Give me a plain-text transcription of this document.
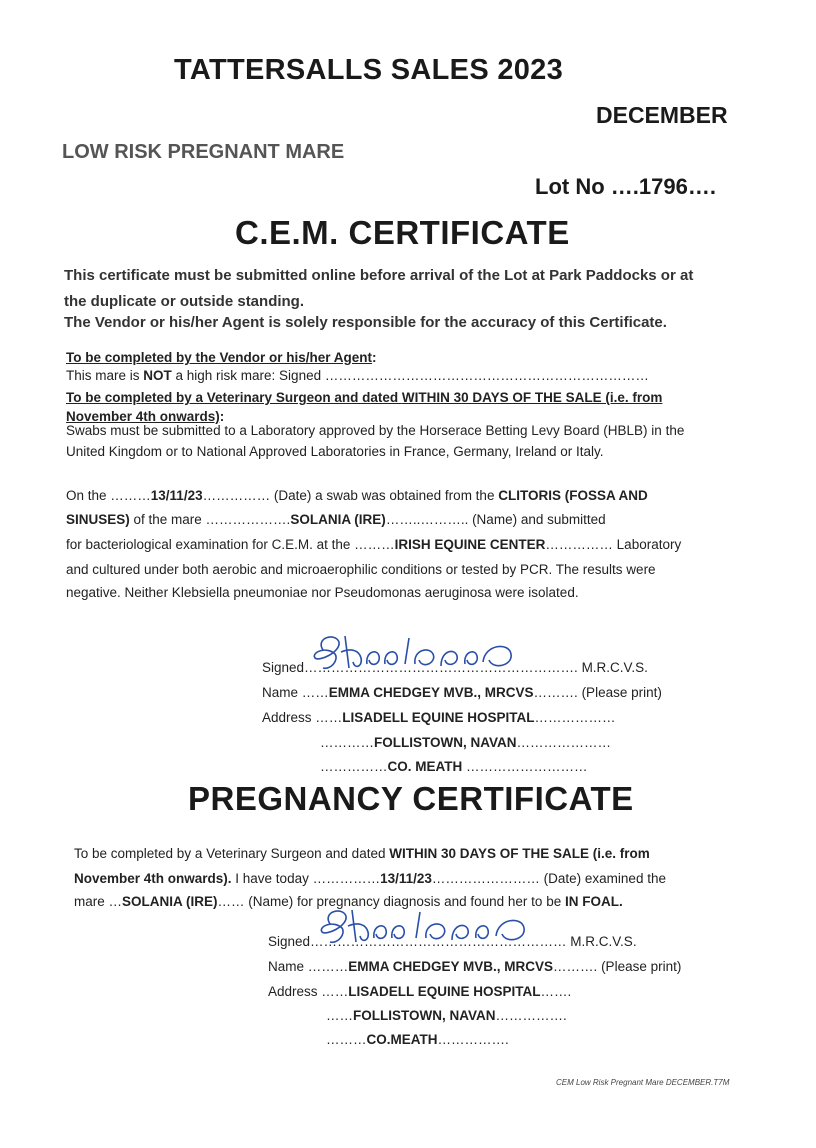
TATTERSALLS SALES 2023
DECEMBER
LOW RISK PREGNANT MARE
Lot No ….1796….
C.E.M. CERTIFICATE
This certificate must be submitted online before arrival of the Lot at Park Paddocks or at
the duplicate or outside standing.
The Vendor or his/her Agent is solely responsible for the accuracy of this Certificate.
To be completed by the Vendor or his/her Agent:
This mare is NOT a high risk mare: Signed ………………………………………………………………
To be completed by a Veterinary Surgeon and dated WITHIN 30 DAYS OF THE SALE (i.e. from
November 4th onwards):
Swabs must be submitted to a Laboratory approved by the Horserace Betting Levy Board (HBLB) in the
United Kingdom or to National Approved Laboratories in France, Germany, Ireland or Italy.
On the ………13/11/23…………… (Date) a swab was obtained from the CLITORIS (FOSSA AND
SINUSES) of the mare ……………….SOLANIA (IRE)……..……….. (Name) and submitted
for bacteriological examination for C.E.M. at the ………IRISH EQUINE CENTER…………… Laboratory
and cultured under both aerobic and microaerophilic conditions or tested by PCR. The results were
negative. Neither Klebsiella pneumoniae nor Pseudomonas aeruginosa were isolated.
Signed……………………………………………………. M.R.C.V.S.
Name ……EMMA CHEDGEY MVB., MRCVS………. (Please print)
Address ……LISADELL EQUINE HOSPITAL………………
…………FOLLISTOWN, NAVAN…………………
……………CO. MEATH ………………………
PREGNANCY CERTIFICATE
To be completed by a Veterinary Surgeon and dated WITHIN 30 DAYS OF THE SALE (i.e. from
November 4th onwards). I have today ……………13/11/23…………………… (Date) examined the
mare …SOLANIA (IRE)…… (Name) for pregnancy diagnosis and found her to be IN FOAL.
Signed………………………………………………… M.R.C.V.S.
Name ………EMMA CHEDGEY MVB., MRCVS………. (Please print)
Address ……LISADELL EQUINE HOSPITAL…….
……FOLLISTOWN, NAVAN…………….
………CO.MEATH…………….
CEM Low Risk Pregnant Mare DECEMBER.T7M
